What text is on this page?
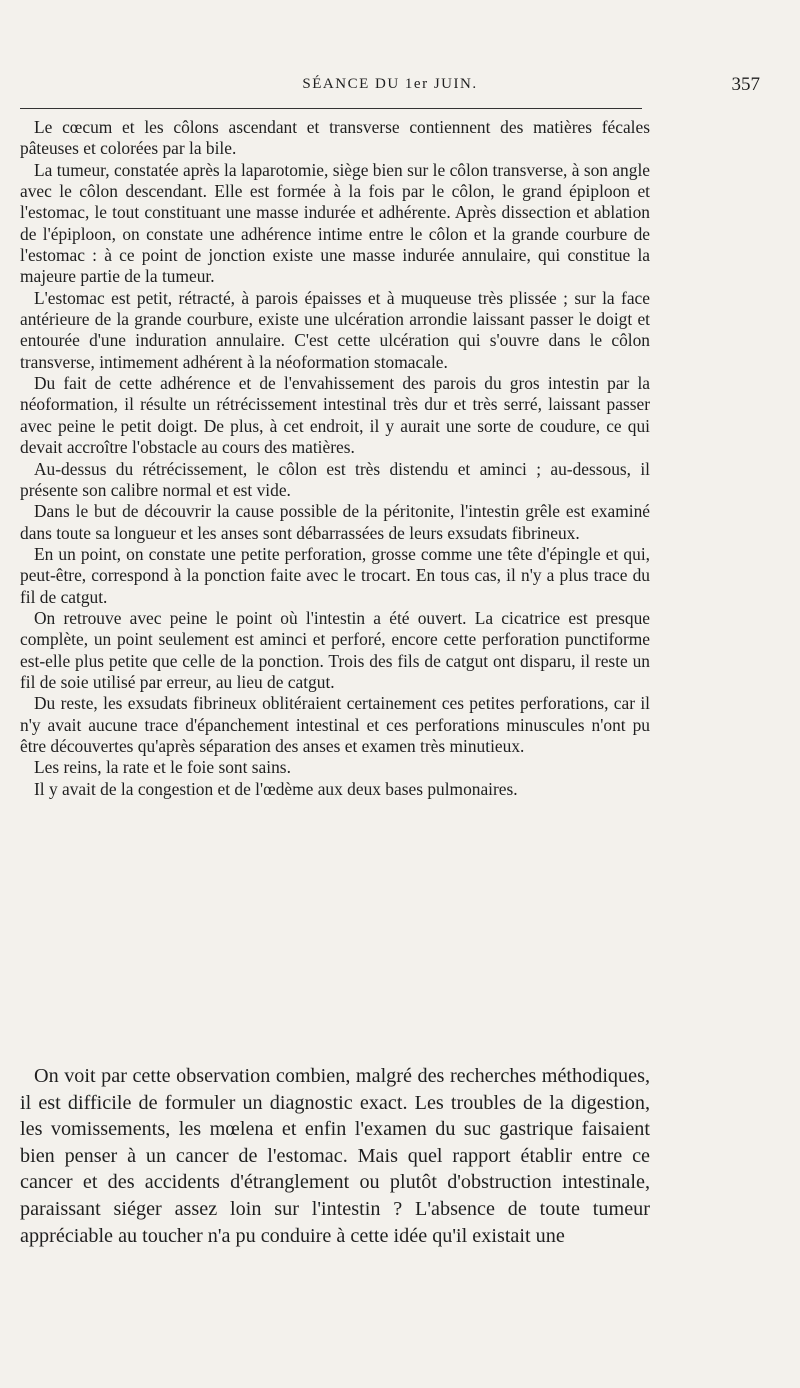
SÉANCE DU 1er JUIN.	357

Le cœcum et les côlons ascendant et transverse contiennent des matières fécales pâteuses et colorées par la bile.

La tumeur, constatée après la laparotomie, siège bien sur le côlon transverse, à son angle avec le côlon descendant. Elle est formée à la fois par le côlon, le grand épiploon et l'estomac, le tout constituant une masse indurée et adhérente. Après dissection et ablation de l'épiploon, on constate une adhérence intime entre le côlon et la grande courbure de l'estomac : à ce point de jonction existe une masse indurée annulaire, qui constitue la majeure partie de la tumeur.

L'estomac est petit, rétracté, à parois épaisses et à muqueuse très plissée ; sur la face antérieure de la grande courbure, existe une ulcération arrondie laissant passer le doigt et entourée d'une induration annulaire. C'est cette ulcération qui s'ouvre dans le côlon transverse, intimement adhérent à la néoformation stomacale.

Du fait de cette adhérence et de l'envahissement des parois du gros intestin par la néoformation, il résulte un rétrécissement intestinal très dur et très serré, laissant passer avec peine le petit doigt. De plus, à cet endroit, il y aurait une sorte de coudure, ce qui devait accroître l'obstacle au cours des matières.

Au-dessus du rétrécissement, le côlon est très distendu et aminci ; au-dessous, il présente son calibre normal et est vide.

Dans le but de découvrir la cause possible de la péritonite, l'intestin grêle est examiné dans toute sa longueur et les anses sont débarrassées de leurs exsudats fibrineux.

En un point, on constate une petite perforation, grosse comme une tête d'épingle et qui, peut-être, correspond à la ponction faite avec le trocart. En tous cas, il n'y a plus trace du fil de catgut.

On retrouve avec peine le point où l'intestin a été ouvert. La cicatrice est presque complète, un point seulement est aminci et perforé, encore cette perforation punctiforme est-elle plus petite que celle de la ponction. Trois des fils de catgut ont disparu, il reste un fil de soie utilisé par erreur, au lieu de catgut.

Du reste, les exsudats fibrineux oblitéraient certainement ces petites perforations, car il n'y avait aucune trace d'épanchement intestinal et ces perforations minuscules n'ont pu être découvertes qu'après séparation des anses et examen très minutieux.

Les reins, la rate et le foie sont sains.

Il y avait de la congestion et de l'œdème aux deux bases pulmonaires.

On voit par cette observation combien, malgré des recherches méthodiques, il est difficile de formuler un diagnostic exact. Les troubles de la digestion, les vomissements, les mœlena et enfin l'examen du suc gastrique faisaient bien penser à un cancer de l'estomac. Mais quel rapport établir entre ce cancer et des accidents d'étranglement ou plutôt d'obstruction intestinale, paraissant siéger assez loin sur l'intestin ? L'absence de toute tumeur appréciable au toucher n'a pu conduire à cette idée qu'il existait une
